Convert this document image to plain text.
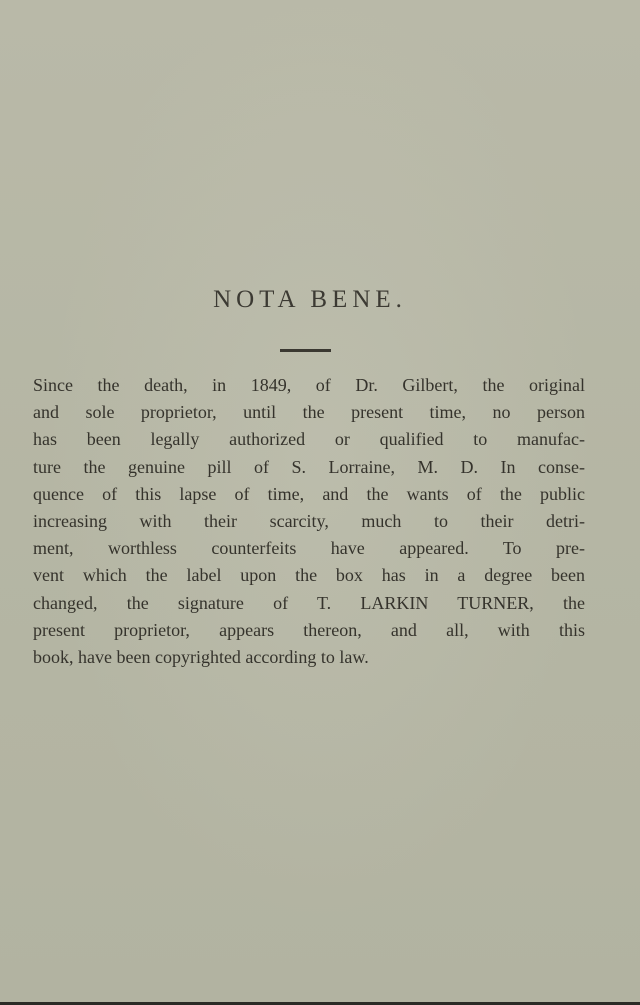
NOTA BENE.

Since the death, in 1849, of Dr. Gilbert, the original
and sole proprietor, until the present time, no person
has been legally authorized or qualified to manufac-
ture the genuine pill of S. Lorraine, M. D. In conse-
quence of this lapse of time, and the wants of the public
increasing with their scarcity, much to their detri-
ment, worthless counterfeits have appeared. To pre-
vent which the label upon the box has in a degree been
changed, the signature of T. LARKIN TURNER, the
present proprietor, appears thereon, and all, with this
book, have been copyrighted according to law.
